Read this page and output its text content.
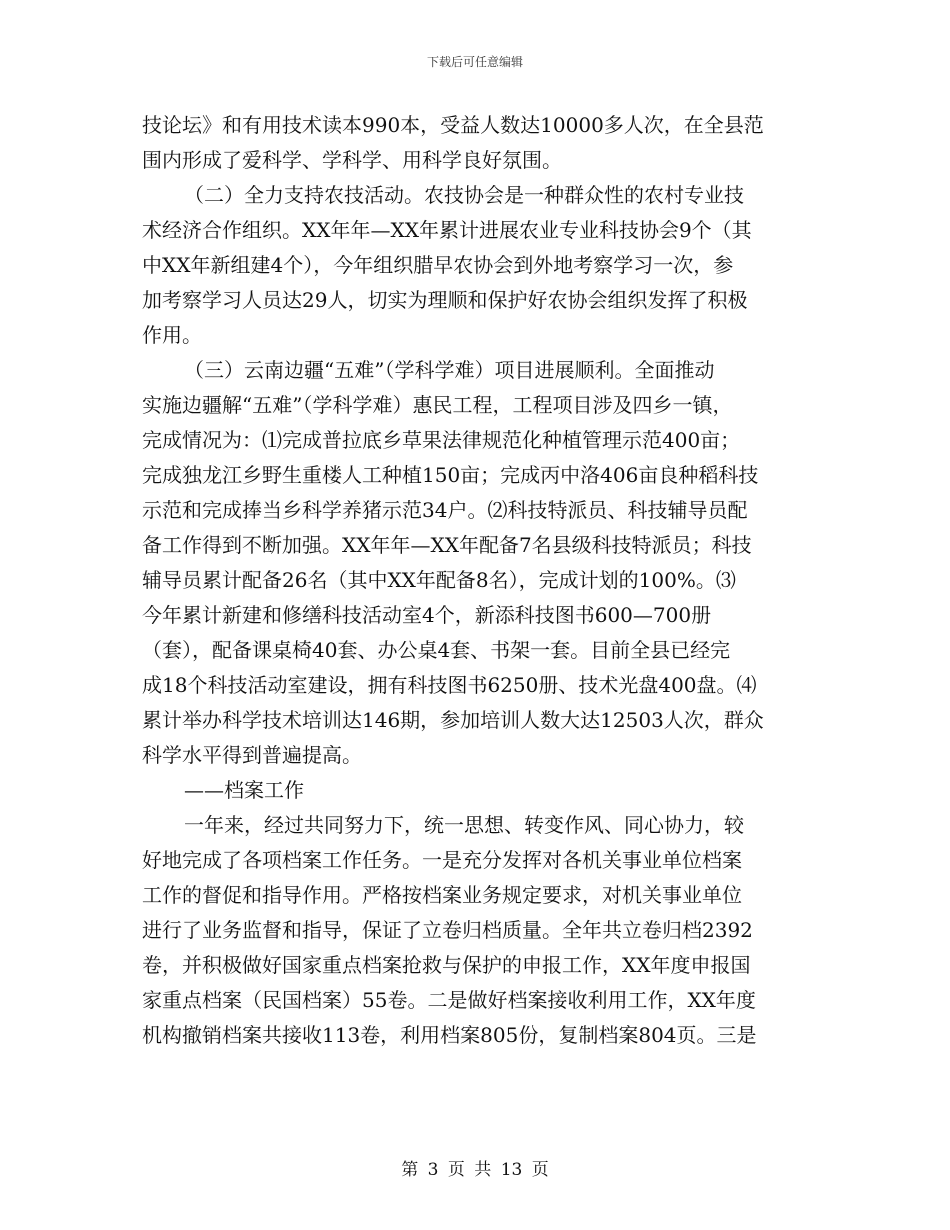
下载后可任意编辑
技论坛》和有用技术读本990本，受益人数达10000多人次，在全县范
围内形成了爱科学、学科学、用科学良好氛围。
（二）全力支持农技活动。农技协会是一种群众性的农村专业技
术经济合作组织。XX年年—XX年累计进展农业专业科技协会9个（其
中XX年新组建4个），今年组织腊早农协会到外地考察学习一次，参
加考察学习人员达29人，切实为理顺和保护好农协会组织发挥了积极
作用。
（三）云南边疆“五难”（学科学难）项目进展顺利。全面推动
实施边疆解“五难”（学科学难）惠民工程，工程项目涉及四乡一镇，
完成情况为：⑴完成普拉底乡草果法律规范化种植管理示范400亩；
完成独龙江乡野生重楼人工种植150亩；完成丙中洛406亩良种稻科技
示范和完成捧当乡科学养猪示范34户。⑵科技特派员、科技辅导员配
备工作得到不断加强。XX年年—XX年配备7名县级科技特派员；科技
辅导员累计配备26名（其中XX年配备8名），完成计划的100%。⑶
今年累计新建和修缮科技活动室4个，新添科技图书600—700册
（套），配备课桌椅40套、办公桌4套、书架一套。目前全县已经完
成18个科技活动室建设，拥有科技图书6250册、技术光盘400盘。⑷
累计举办科学技术培训达146期，参加培训人数大达12503人次，群众
科学水平得到普遍提高。
——档案工作
一年来，经过共同努力下，统一思想、转变作风、同心协力，较
好地完成了各项档案工作任务。一是充分发挥对各机关事业单位档案
工作的督促和指导作用。严格按档案业务规定要求，对机关事业单位
进行了业务监督和指导，保证了立卷归档质量。全年共立卷归档2392
卷，并积极做好国家重点档案抢救与保护的申报工作，XX年度申报国
家重点档案（民国档案）55卷。二是做好档案接收利用工作，XX年度
机构撤销档案共接收113卷，利用档案805份，复制档案804页。三是
第 3 页 共 13 页
